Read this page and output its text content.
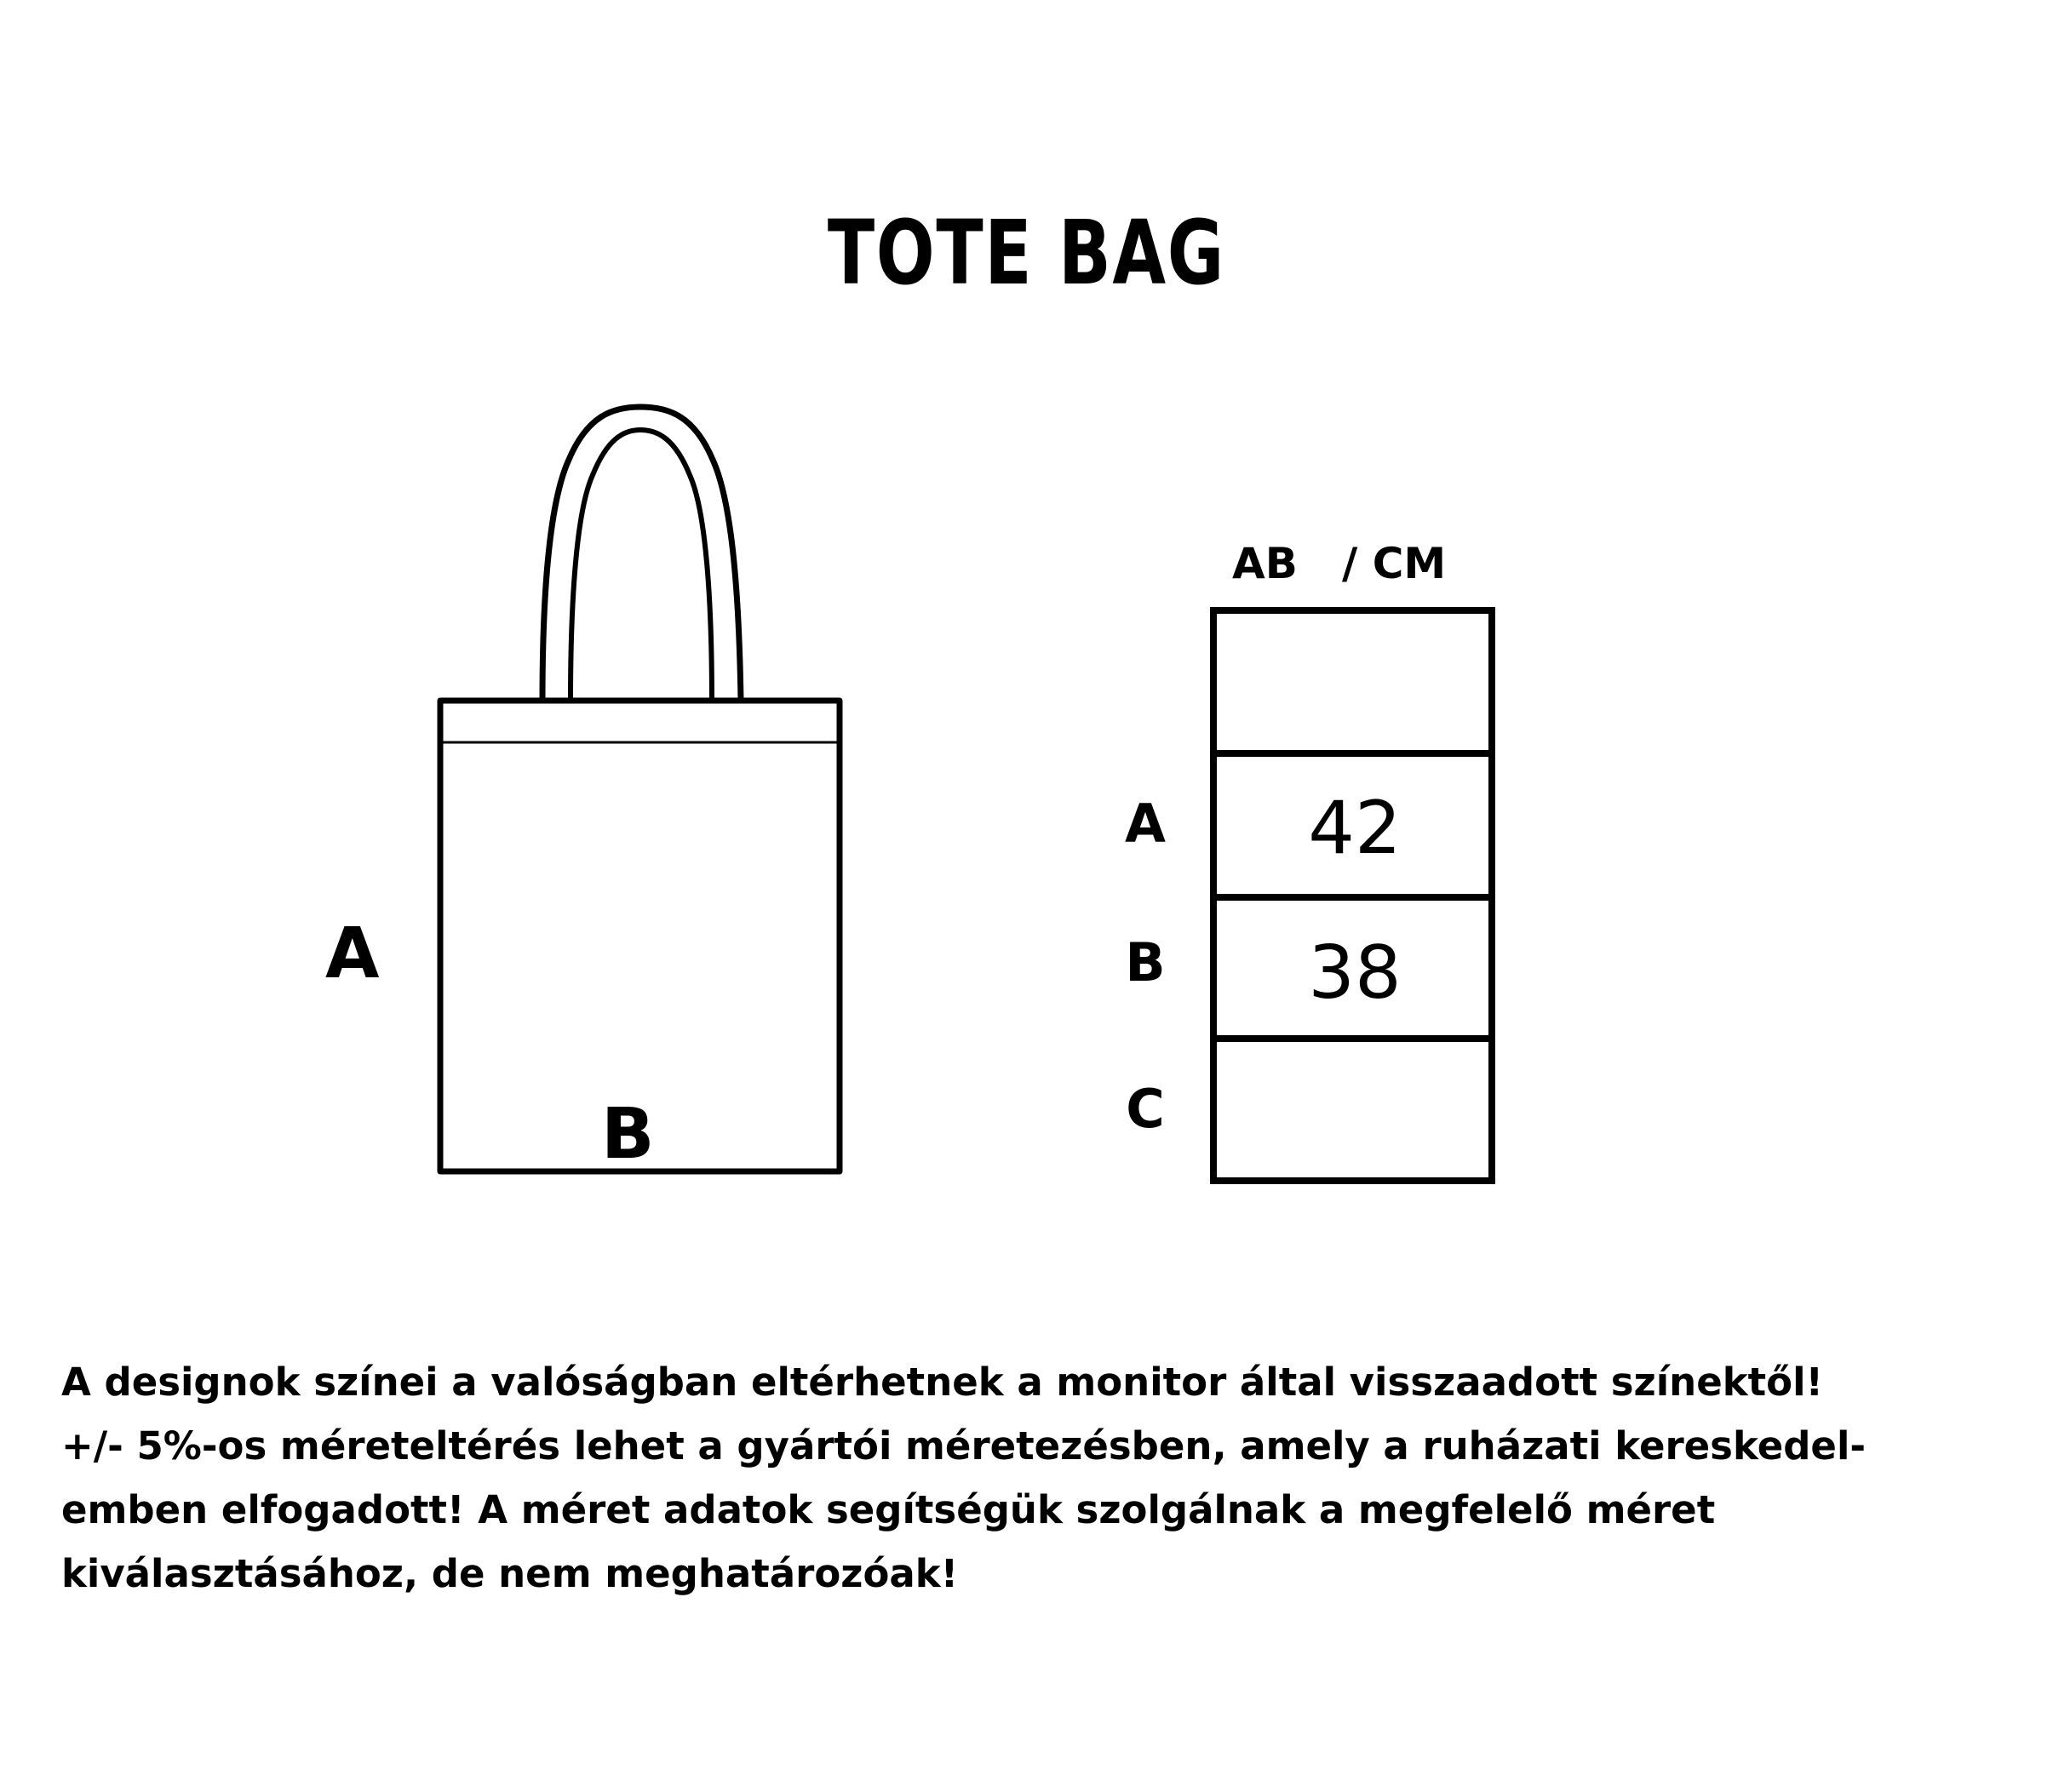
TOTE BAG
A
B
AB   / CM
A
B
C
42
38
A designok színei a valóságban eltérhetnek a monitor által visszaadott színektől!
+/- 5%-os méreteltérés lehet a gyártói méretezésben, amely a ruházati kereskedel-
emben elfogadott! A méret adatok segítségük szolgálnak a megfelelő méret
kiválasztásához, de nem meghatározóak!
